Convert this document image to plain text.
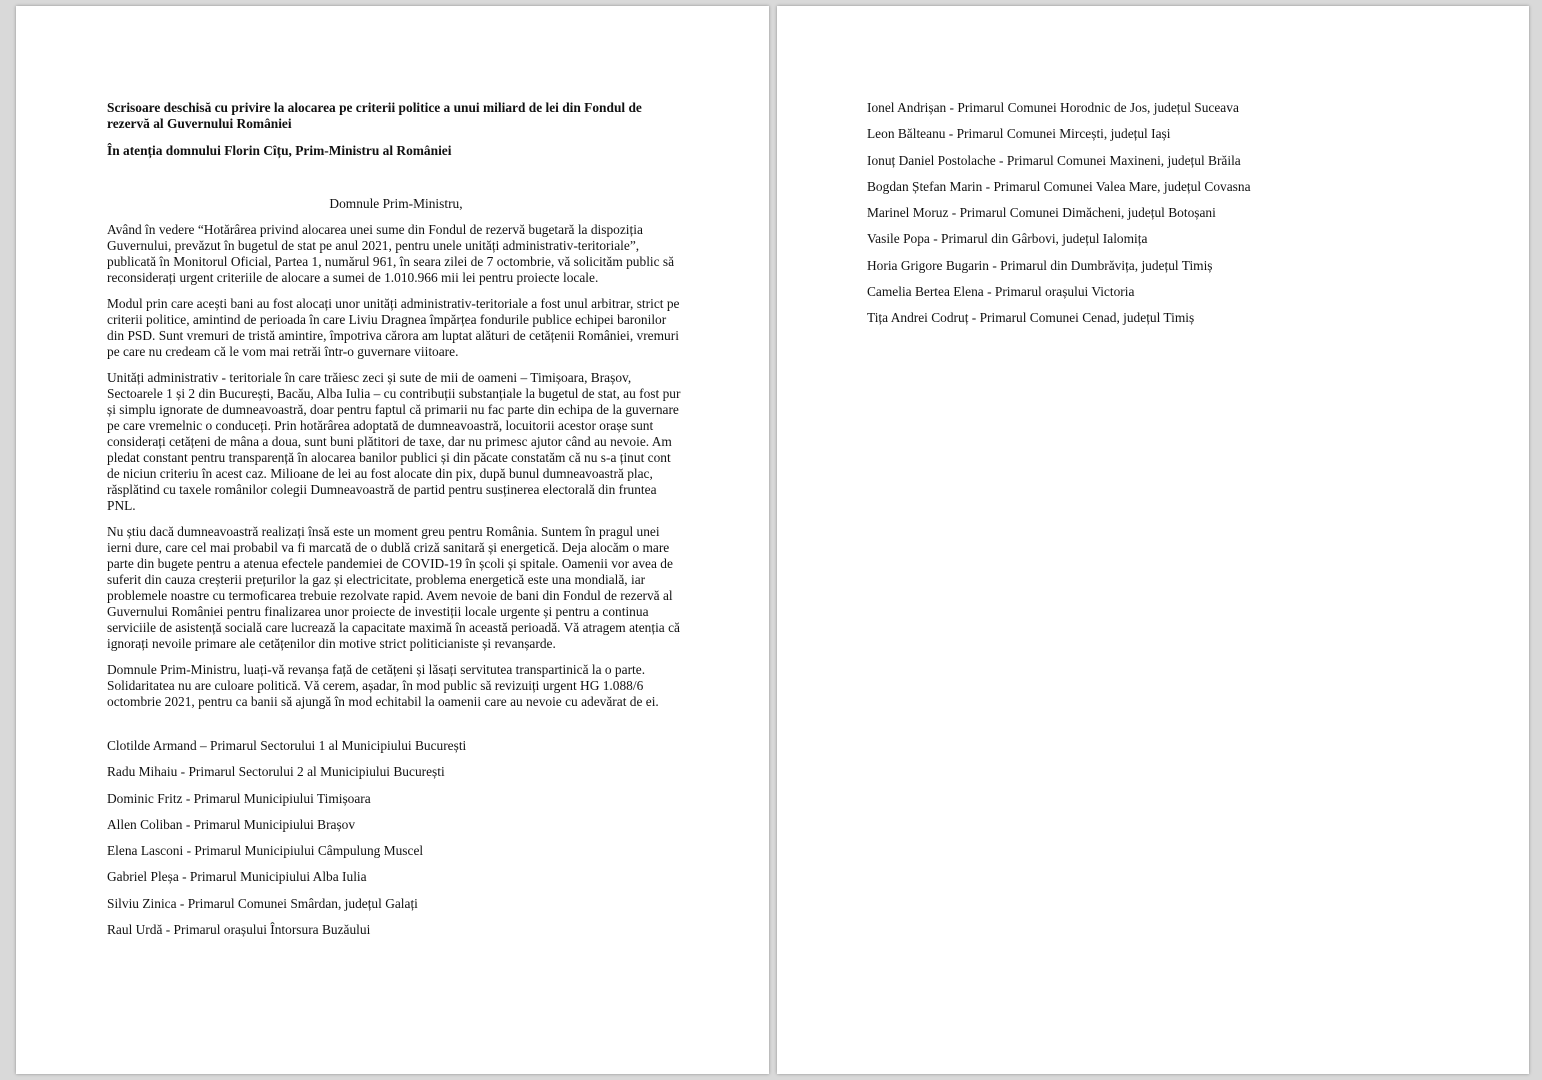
Scrisoare deschisă cu privire la alocarea pe criterii politice a unui miliard de lei din Fondul de rezervă al Guvernului României

În atenția domnului Florin Cîțu, Prim-Ministru al României

Domnule Prim-Ministru,

Având în vedere “Hotărârea privind alocarea unei sume din Fondul de rezervă bugetară la dispoziția Guvernului, prevăzut în bugetul de stat pe anul 2021, pentru unele unități administrativ-teritoriale”, publicată în Monitorul Oficial, Partea 1, numărul 961, în seara zilei de 7 octombrie, vă solicităm public să reconsiderați urgent criteriile de alocare a sumei de 1.010.966 mii lei pentru proiecte locale.

Modul prin care acești bani au fost alocați unor unități administrativ-teritoriale a fost unul arbitrar, strict pe criterii politice, amintind de perioada în care Liviu Dragnea împărțea fondurile publice echipei baronilor din PSD. Sunt vremuri de tristă amintire, împotriva cărora am luptat alături de cetățenii României, vremuri pe care nu credeam că le vom mai retrăi într-o guvernare viitoare.

Unități administrativ - teritoriale în care trăiesc zeci și sute de mii de oameni – Timișoara, Brașov, Sectoarele 1 și 2 din București, Bacău, Alba Iulia – cu contribuții substanțiale la bugetul de stat, au fost pur și simplu ignorate de dumneavoastră, doar pentru faptul că primarii nu fac parte din echipa de la guvernare pe care vremelnic o conduceți. Prin hotărârea adoptată de dumneavoastră, locuitorii acestor orașe sunt considerați cetățeni de mâna a doua, sunt buni plătitori de taxe, dar nu primesc ajutor când au nevoie. Am pledat constant pentru transparență în alocarea banilor publici și din păcate constatăm că nu s-a ținut cont de niciun criteriu în acest caz. Milioane de lei au fost alocate din pix, după bunul dumneavoastră plac, răsplătind cu taxele românilor colegii Dumneavoastră de partid pentru susținerea electorală din fruntea PNL.

Nu știu dacă dumneavoastră realizați însă este un moment greu pentru România. Suntem în pragul unei ierni dure, care cel mai probabil va fi marcată de o dublă criză sanitară și energetică. Deja alocăm o mare parte din bugete pentru a atenua efectele pandemiei de COVID-19 în școli și spitale. Oamenii vor avea de suferit din cauza creșterii prețurilor la gaz și electricitate, problema energetică este una mondială, iar problemele noastre cu termoficarea trebuie rezolvate rapid. Avem nevoie de bani din Fondul de rezervă al Guvernului României pentru finalizarea unor proiecte de investiții locale urgente și pentru a continua serviciile de asistență socială care lucrează la capacitate maximă în această perioadă. Vă atragem atenția că ignorați nevoile primare ale cetățenilor din motive strict politicianiste și revanșarde.

Domnule Prim-Ministru, luați-vă revanșa față de cetățeni și lăsați servitutea transpartinică la o parte. Solidaritatea nu are culoare politică. Vă cerem, așadar, în mod public să revizuiți urgent HG 1.088/6 octombrie 2021, pentru ca banii să ajungă în mod echitabil la oamenii care au nevoie cu adevărat de ei.

Clotilde Armand – Primarul Sectorului 1 al Municipiului București
Radu Mihaiu - Primarul Sectorului 2 al Municipiului București
Dominic Fritz - Primarul Municipiului Timișoara
Allen Coliban - Primarul Municipiului Brașov
Elena Lasconi - Primarul Municipiului Câmpulung Muscel
Gabriel Pleșa - Primarul Municipiului Alba Iulia
Silviu Zinica - Primarul Comunei Smârdan, județul Galați
Raul Urdă - Primarul orașului Întorsura Buzăului
Ionel Andrișan - Primarul Comunei Horodnic de Jos, județul Suceava
Leon Bălteanu - Primarul Comunei Mircești, județul Iași
Ionuț Daniel Postolache - Primarul Comunei Maxineni, județul Brăila
Bogdan Ștefan Marin - Primarul Comunei Valea Mare, județul Covasna
Marinel Moruz - Primarul Comunei Dimăcheni, județul Botoșani
Vasile Popa - Primarul din Gârbovi, județul Ialomița
Horia Grigore Bugarin - Primarul din Dumbrăvița, județul Timiș
Camelia Bertea Elena - Primarul orașului Victoria
Tița Andrei Codruț - Primarul Comunei Cenad, județul Timiș
